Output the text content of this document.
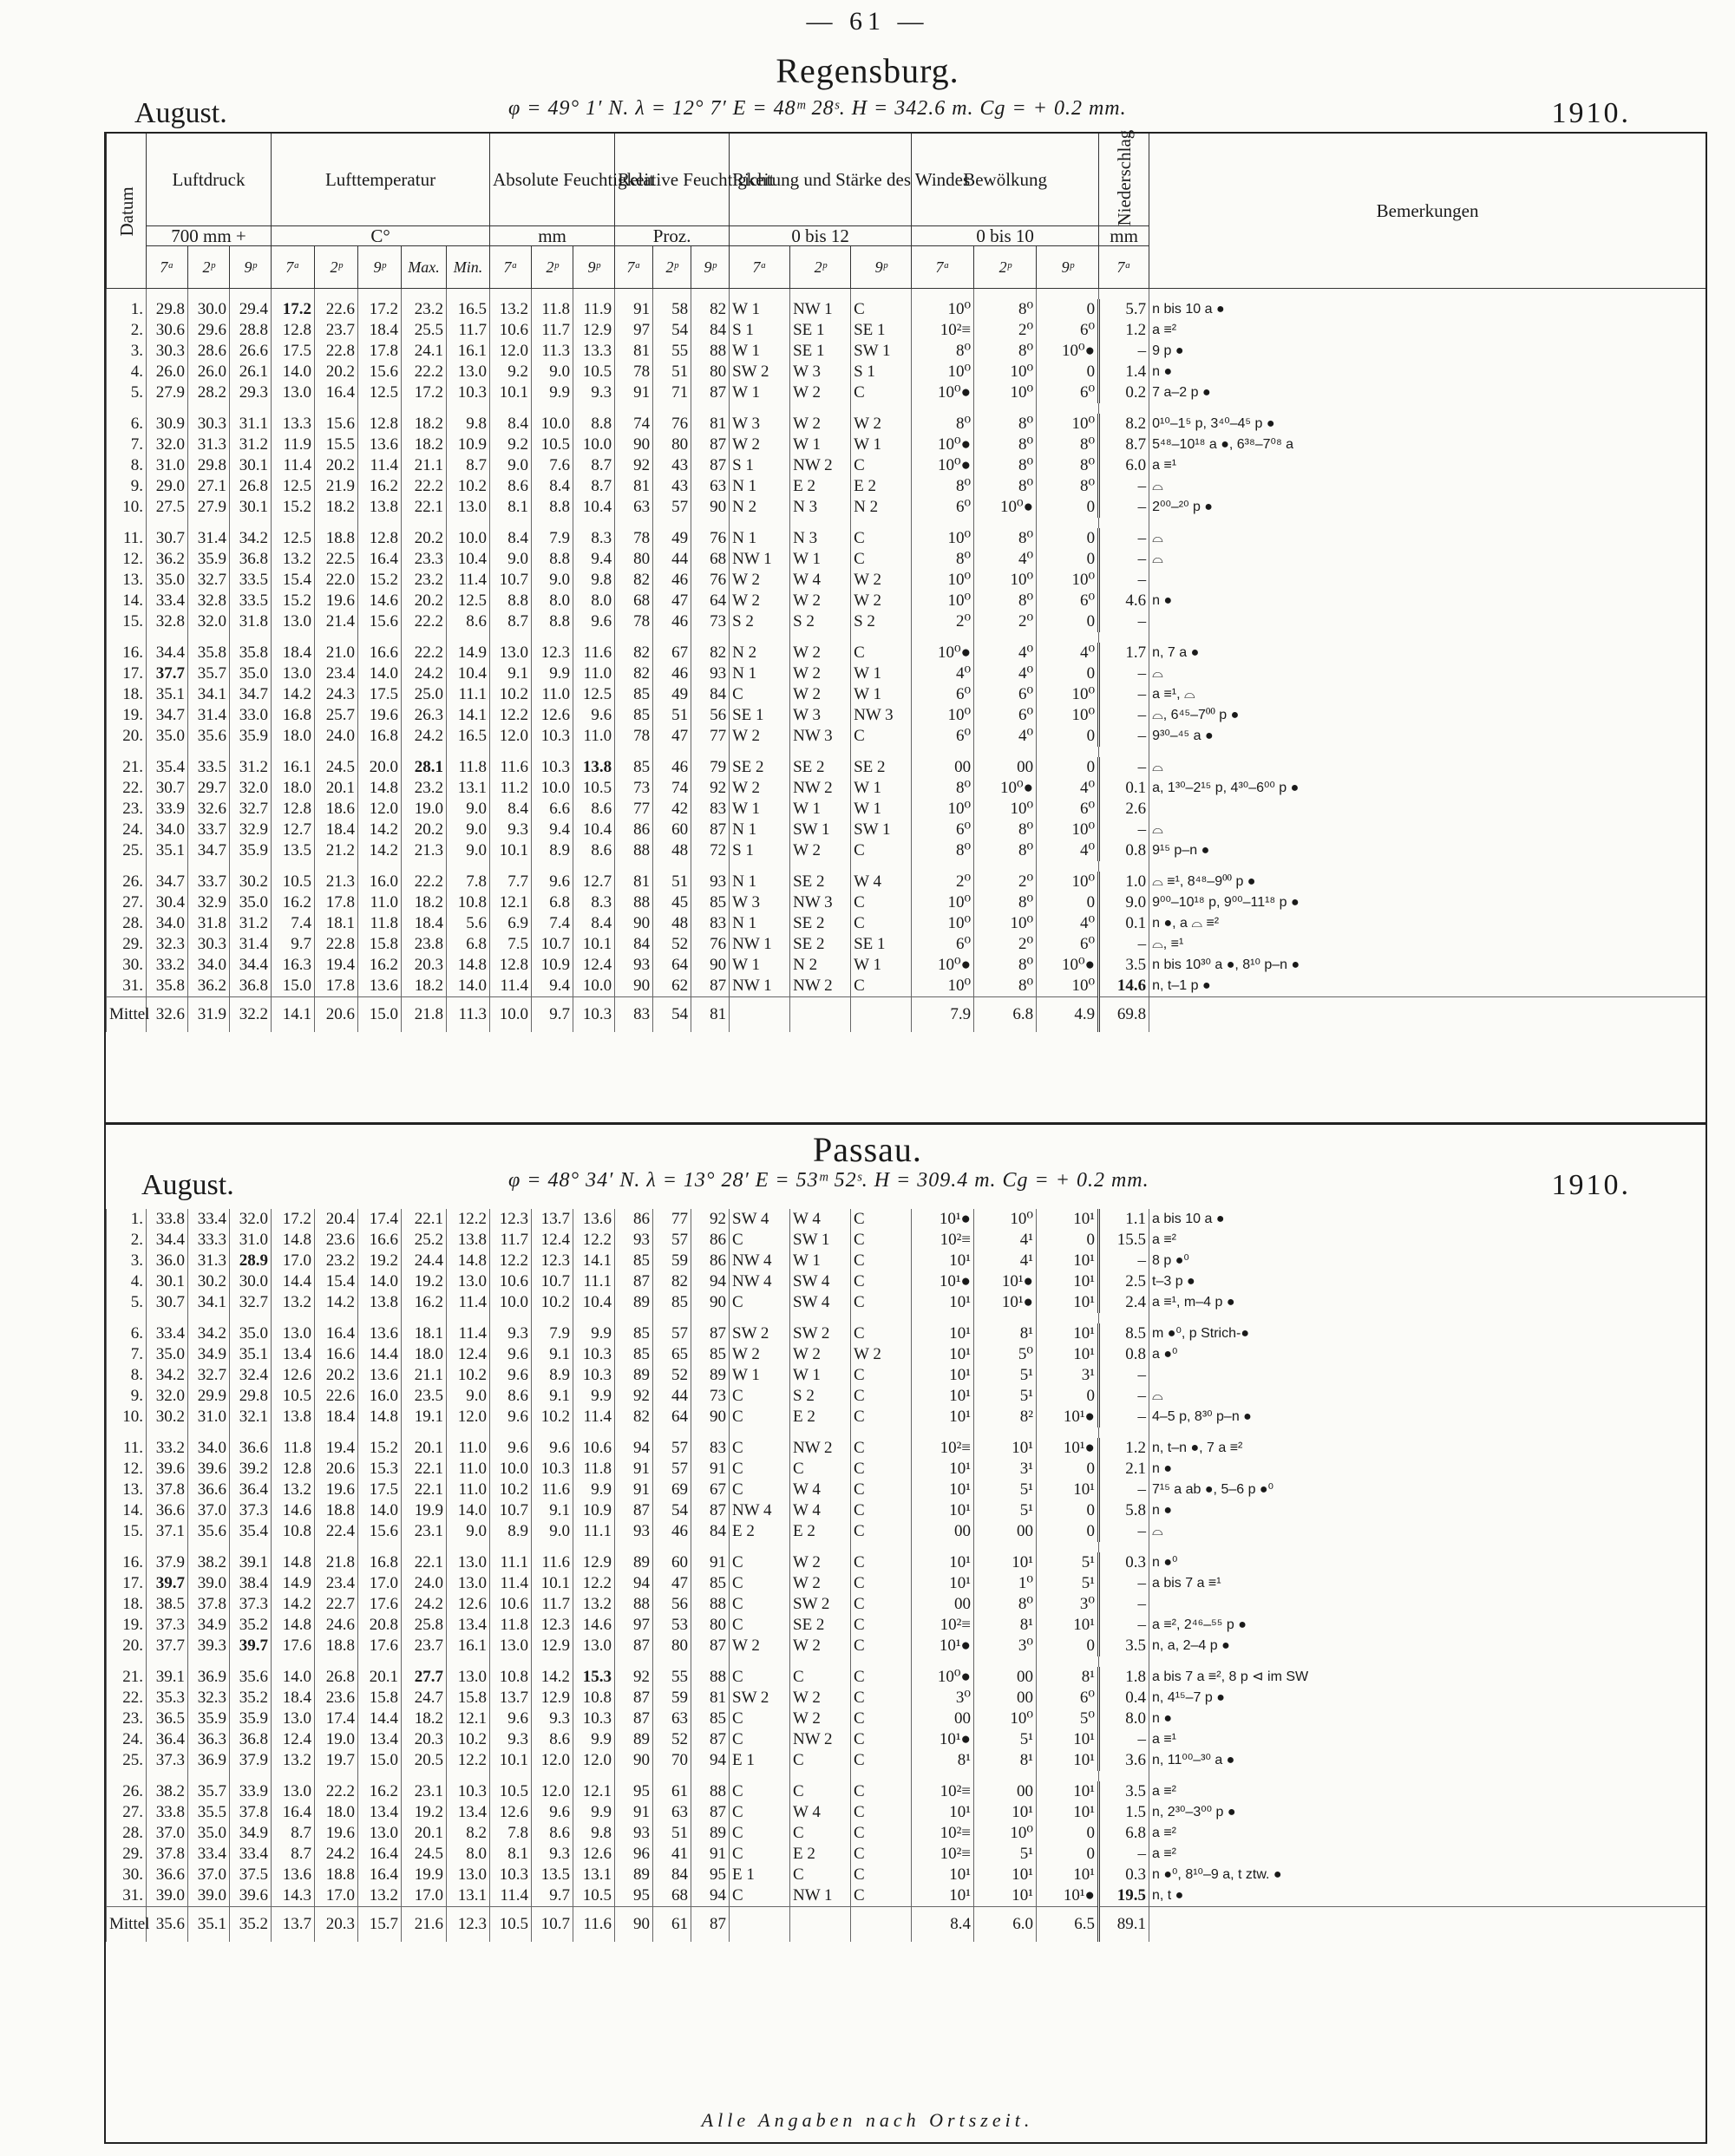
— 61 —
Regensburg.
August.	φ = 49° 1′ N. λ = 12° 7′ E = 48ᵐ 28ˢ. H = 342.6 m. Cg = + 0.2 mm.	1910.
Datum	Luftdruck			Lufttemperatur					Absolute Feuchtigkeit			Relative Feuchtigkeit			Richtung und Stärke des Windes			Bewölkung			Niederschlag	Bemerkungen
	700 mm +			C°					mm			Proz.			0 bis 12			0 bis 10			mm	
	7ᵃ	2ᵖ	9ᵖ	7ᵃ	2ᵖ	9ᵖ	Max.	Min.	7ᵃ	2ᵖ	9ᵖ	7ᵃ	2ᵖ	9ᵖ	7ᵃ	2ᵖ	9ᵖ	7ᵃ	2ᵖ	9ᵖ	7ᵃ	

1.	29.8	30.0	29.4	17.2	22.6	17.2	23.2	16.5	13.2	11.8	11.9	91	58	82	W 1	NW 1	C	10⁰	8⁰	0	5.7	n bis 10 a ●
2.	30.6	29.6	28.8	12.8	23.7	18.4	25.5	11.7	10.6	11.7	12.9	97	54	84	S 1	SE 1	SE 1	10²≡	2⁰	6⁰	1.2	a ≡²
3.	30.3	28.6	26.6	17.5	22.8	17.8	24.1	16.1	12.0	11.3	13.3	81	55	88	W 1	SE 1	SW 1	8⁰	8⁰	10⁰●	–	9 p ●
4.	26.0	26.0	26.1	14.0	20.2	15.6	22.2	13.0	9.2	9.0	10.5	78	51	80	SW 2	W 3	S 1	10⁰	10⁰	0	1.4	n ●
5.	27.9	28.2	29.3	13.0	16.4	12.5	17.2	10.3	10.1	9.9	9.3	91	71	87	W 1	W 2	C	10⁰●	10⁰	6⁰	0.2	7 a–2 p ●

6.	30.9	30.3	31.1	13.3	15.6	12.8	18.2	9.8	8.4	10.0	8.8	74	76	81	W 3	W 2	W 2	8⁰	8⁰	10⁰	8.2	0¹⁰–1⁵ p, 3⁴⁰–4⁵ p ●
7.	32.0	31.3	31.2	11.9	15.5	13.6	18.2	10.9	9.2	10.5	10.0	90	80	87	W 2	W 1	W 1	10⁰●	8⁰	8⁰	8.7	5⁴⁸–10¹⁸ a ●, 6³⁸–7⁰⁸ a
8.	31.0	29.8	30.1	11.4	20.2	11.4	21.1	8.7	9.0	7.6	8.7	92	43	87	S 1	NW 2	C	10⁰●	8⁰	8⁰	6.0	a ≡¹
9.	29.0	27.1	26.8	12.5	21.9	16.2	22.2	10.2	8.6	8.4	8.7	81	43	63	N 1	E 2	E 2	8⁰	8⁰	8⁰	–	⌓
10.	27.5	27.9	30.1	15.2	18.2	13.8	22.1	13.0	8.1	8.8	10.4	63	57	90	N 2	N 3	N 2	6⁰	10⁰●	0	–	2⁰⁰–²⁰ p ●

11.	30.7	31.4	34.2	12.5	18.8	12.8	20.2	10.0	8.4	7.9	8.3	78	49	76	N 1	N 3	C	10⁰	8⁰	0	–	⌓
12.	36.2	35.9	36.8	13.2	22.5	16.4	23.3	10.4	9.0	8.8	9.4	80	44	68	NW 1	W 1	C	8⁰	4⁰	0	–	⌓
13.	35.0	32.7	33.5	15.4	22.0	15.2	23.2	11.4	10.7	9.0	9.8	82	46	76	W 2	W 4	W 2	10⁰	10⁰	10⁰	–	
14.	33.4	32.8	33.5	15.2	19.6	14.6	20.2	12.5	8.8	8.0	8.0	68	47	64	W 2	W 2	W 2	10⁰	8⁰	6⁰	4.6	n ●
15.	32.8	32.0	31.8	13.0	21.4	15.6	22.2	8.6	8.7	8.8	9.6	78	46	73	S 2	S 2	S 2	2⁰	2⁰	0	–	

16.	34.4	35.8	35.8	18.4	21.0	16.6	22.2	14.9	13.0	12.3	11.6	82	67	82	N 2	W 2	C	10⁰●	4⁰	4⁰	1.7	n, 7 a ●
17.	37.7	35.7	35.0	13.0	23.4	14.0	24.2	10.4	9.1	9.9	11.0	82	46	93	N 1	W 2	W 1	4⁰	4⁰	0	–	⌓
18.	35.1	34.1	34.7	14.2	24.3	17.5	25.0	11.1	10.2	11.0	12.5	85	49	84	C	W 2	W 1	6⁰	6⁰	10⁰	–	a ≡¹, ⌓
19.	34.7	31.4	33.0	16.8	25.7	19.6	26.3	14.1	12.2	12.6	9.6	85	51	56	SE 1	W 3	NW 3	10⁰	6⁰	10⁰	–	⌓, 6⁴⁵–7⁰⁰ p ●
20.	35.0	35.6	35.9	18.0	24.0	16.8	24.2	16.5	12.0	10.3	11.0	78	47	77	W 2	NW 3	C	6⁰	4⁰	0	–	9³⁰–⁴⁵ a ●

21.	35.4	33.5	31.2	16.1	24.5	20.0	28.1	11.8	11.6	10.3	13.8	85	46	79	SE 2	SE 2	SE 2	00	00	0	–	⌓
22.	30.7	29.7	32.0	18.0	20.1	14.8	23.2	13.1	11.2	10.0	10.5	73	74	92	W 2	NW 2	W 1	8⁰	10⁰●	4⁰	0.1	a, 1³⁰–2¹⁵ p, 4³⁰–6⁰⁰ p ●
23.	33.9	32.6	32.7	12.8	18.6	12.0	19.0	9.0	8.4	6.6	8.6	77	42	83	W 1	W 1	W 1	10⁰	10⁰	6⁰	2.6	
24.	34.0	33.7	32.9	12.7	18.4	14.2	20.2	9.0	9.3	9.4	10.4	86	60	87	N 1	SW 1	SW 1	6⁰	8⁰	10⁰	–	⌓
25.	35.1	34.7	35.9	13.5	21.2	14.2	21.3	9.0	10.1	8.9	8.6	88	48	72	S 1	W 2	C	8⁰	8⁰	4⁰	0.8	9¹⁵ p–n ●

26.	34.7	33.7	30.2	10.5	21.3	16.0	22.2	7.8	7.7	9.6	12.7	81	51	93	N 1	SE 2	W 4	2⁰	2⁰	10⁰	1.0	⌓ ≡¹, 8⁴⁸–9⁰⁰ p ●
27.	30.4	32.9	35.0	16.2	17.8	11.0	18.2	10.8	12.1	6.8	8.3	88	45	85	W 3	NW 3	C	10⁰	8⁰	0	9.0	9⁰⁰–10¹⁸ p, 9⁰⁰–11¹⁸ p ●
28.	34.0	31.8	31.2	7.4	18.1	11.8	18.4	5.6	6.9	7.4	8.4	90	48	83	N 1	SE 2	C	10⁰	10⁰	4⁰	0.1	n ●, a ⌓ ≡²
29.	32.3	30.3	31.4	9.7	22.8	15.8	23.8	6.8	7.5	10.7	10.1	84	52	76	NW 1	SE 2	SE 1	6⁰	2⁰	6⁰	–	⌓, ≡¹
30.	33.2	34.0	34.4	16.3	19.4	16.2	20.3	14.8	12.8	10.9	12.4	93	64	90	W 1	N 2	W 1	10⁰●	8⁰	10⁰●	3.5	n bis 10³⁰ a ●, 8¹⁰ p–n ●
31.	35.8	36.2	36.8	15.0	17.8	13.6	18.2	14.0	11.4	9.4	10.0	90	62	87	NW 1	NW 2	C	10⁰	8⁰	10⁰	14.6	n, t–1 p ●
Mittel	32.6	31.9	32.2	14.1	20.6	15.0	21.8	11.3	10.0	9.7	10.3	83	54	81				7.9	6.8	4.9	69.8	
Passau.
August.	φ = 48° 34′ N. λ = 13° 28′ E = 53ᵐ 52ˢ. H = 309.4 m. Cg = + 0.2 mm.	1910.
1.	33.8	33.4	32.0	17.2	20.4	17.4	22.1	12.2	12.3	13.7	13.6	86	77	92	SW 4	W 4	C	10¹●	10⁰	10¹	1.1	a bis 10 a ●
2.	34.4	33.3	31.0	14.8	23.6	16.6	25.2	13.8	11.7	12.4	12.2	93	57	86	C	SW 1	C	10²≡	4¹	0	15.5	a ≡²
3.	36.0	31.3	28.9	17.0	23.2	19.2	24.4	14.8	12.2	12.3	14.1	85	59	86	NW 4	W 1	C	10¹	4¹	10¹	–	8 p ●⁰
4.	30.1	30.2	30.0	14.4	15.4	14.0	19.2	13.0	10.6	10.7	11.1	87	82	94	NW 4	SW 4	C	10¹●	10¹●	10¹	2.5	t–3 p ●
5.	30.7	34.1	32.7	13.2	14.2	13.8	16.2	11.4	10.0	10.2	10.4	89	85	90	C	SW 4	C	10¹	10¹●	10¹	2.4	a ≡¹, m–4 p ●

6.	33.4	34.2	35.0	13.0	16.4	13.6	18.1	11.4	9.3	7.9	9.9	85	57	87	SW 2	SW 2	C	10¹	8¹	10¹	8.5	m ●⁰, p Strich-●
7.	35.0	34.9	35.1	13.4	16.6	14.4	18.0	12.4	9.6	9.1	10.3	85	65	85	W 2	W 2	W 2	10¹	5⁰	10¹	0.8	a ●⁰
8.	34.2	32.7	32.4	12.6	20.2	13.6	21.1	10.2	9.6	8.9	10.3	89	52	89	W 1	W 1	C	10¹	5¹	3¹	–	
9.	32.0	29.9	29.8	10.5	22.6	16.0	23.5	9.0	8.6	9.1	9.9	92	44	73	C	S 2	C	10¹	5¹	0	–	⌓
10.	30.2	31.0	32.1	13.8	18.4	14.8	19.1	12.0	9.6	10.2	11.4	82	64	90	C	E 2	C	10¹	8²	10¹●	–	4–5 p, 8³⁰ p–n ●

11.	33.2	34.0	36.6	11.8	19.4	15.2	20.1	11.0	9.6	9.6	10.6	94	57	83	C	NW 2	C	10²≡	10¹	10¹●	1.2	n, t–n ●, 7 a ≡²
12.	39.6	39.6	39.2	12.8	20.6	15.3	22.1	11.0	10.0	10.3	11.8	91	57	91	C	C	C	10¹	3¹	0	2.1	n ●
13.	37.8	36.6	36.4	13.2	19.6	17.5	22.1	11.0	10.2	11.6	9.9	91	69	67	C	W 4	C	10¹	5¹	10¹	–	7¹⁵ a ab ●, 5–6 p ●⁰
14.	36.6	37.0	37.3	14.6	18.8	14.0	19.9	14.0	10.7	9.1	10.9	87	54	87	NW 4	W 4	C	10¹	5¹	0	5.8	n ●
15.	37.1	35.6	35.4	10.8	22.4	15.6	23.1	9.0	8.9	9.0	11.1	93	46	84	E 2	E 2	C	00	00	0	–	⌓

16.	37.9	38.2	39.1	14.8	21.8	16.8	22.1	13.0	11.1	11.6	12.9	89	60	91	C	W 2	C	10¹	10¹	5¹	0.3	n ●⁰
17.	39.7	39.0	38.4	14.9	23.4	17.0	24.0	13.0	11.4	10.1	12.2	94	47	85	C	W 2	C	10¹	1⁰	5¹	–	a bis 7 a ≡¹
18.	38.5	37.8	37.3	14.2	22.7	17.6	24.2	12.6	10.6	11.7	13.2	88	56	88	C	SW 2	C	00	8⁰	3⁰	–	
19.	37.3	34.9	35.2	14.8	24.6	20.8	25.8	13.4	11.8	12.3	14.6	97	53	80	C	SE 2	C	10²≡	8¹	10¹	–	a ≡², 2⁴⁶–⁵⁵ p ●
20.	37.7	39.3	39.7	17.6	18.8	17.6	23.7	16.1	13.0	12.9	13.0	87	80	87	W 2	W 2	C	10¹●	3⁰	0	3.5	n, a, 2–4 p ●

21.	39.1	36.9	35.6	14.0	26.8	20.1	27.7	13.0	10.8	14.2	15.3	92	55	88	C	C	C	10⁰●	00	8¹	1.8	a bis 7 a ≡², 8 p ⊲ im SW
22.	35.3	32.3	35.2	18.4	23.6	15.8	24.7	15.8	13.7	12.9	10.8	87	59	81	SW 2	W 2	C	3⁰	00	6⁰	0.4	n, 4¹⁵–7 p ●
23.	36.5	35.9	35.9	13.0	17.4	14.4	18.2	12.1	9.6	9.3	10.3	87	63	85	C	W 2	C	00	10⁰	5⁰	8.0	n ●
24.	36.4	36.3	36.8	12.4	19.0	13.4	20.3	10.2	9.3	8.6	9.9	89	52	87	C	NW 2	C	10¹●	5¹	10¹	–	a ≡¹
25.	37.3	36.9	37.9	13.2	19.7	15.0	20.5	12.2	10.1	12.0	12.0	90	70	94	E 1	C	C	8¹	8¹	10¹	3.6	n, 11⁰⁰–³⁰ a ●

26.	38.2	35.7	33.9	13.0	22.2	16.2	23.1	10.3	10.5	12.0	12.1	95	61	88	C	C	C	10²≡	00	10¹	3.5	a ≡²
27.	33.8	35.5	37.8	16.4	18.0	13.4	19.2	13.4	12.6	9.6	9.9	91	63	87	C	W 4	C	10¹	10¹	10¹	1.5	n, 2³⁰–3⁰⁰ p ●
28.	37.0	35.0	34.9	8.7	19.6	13.0	20.1	8.2	7.8	8.6	9.8	93	51	89	C	C	C	10²≡	10⁰	0	6.8	a ≡²
29.	37.8	33.4	33.4	8.7	24.2	16.4	24.5	8.0	8.1	9.3	12.6	96	41	91	C	E 2	C	10²≡	5¹	0	–	a ≡²
30.	36.6	37.0	37.5	13.6	18.8	16.4	19.9	13.0	10.3	13.5	13.1	89	84	95	E 1	C	C	10¹	10¹	10¹	0.3	n ●⁰, 8¹⁰–9 a, t ztw. ●
31.	39.0	39.0	39.6	14.3	17.0	13.2	17.0	13.1	11.4	9.7	10.5	95	68	94	C	NW 1	C	10¹	10¹	10¹●	19.5	n, t ●
Mittel	35.6	35.1	35.2	13.7	20.3	15.7	21.6	12.3	10.5	10.7	11.6	90	61	87				8.4	6.0	6.5	89.1	
Alle Angaben nach Ortszeit.
